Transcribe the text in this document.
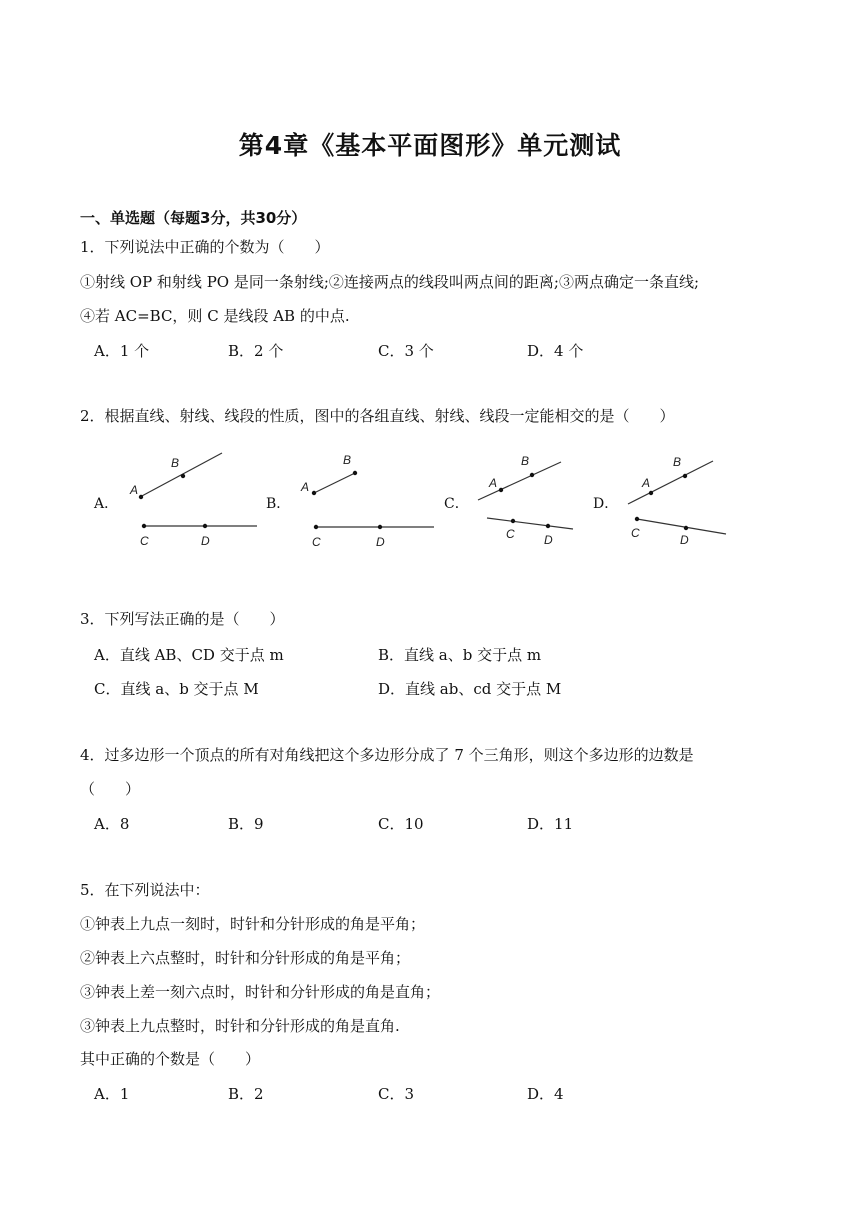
第4章《基本平面图形》单元测试
一、单选题（每题3分，共30分）
1．下列说法中正确的个数为（　　）
①射线 OP 和射线 PO 是同一条射线;②连接两点的线段叫两点间的距离;③两点确定一条直线;
④若 AC=BC，则 C 是线段 AB 的中点.
A．1 个	B．2 个	C．3 个	D．4 个
2．根据直线、射线、线段的性质，图中的各组直线、射线、线段一定能相交的是（　　）
A．	B．	C．	D．
A
B
C	D
A
B
C	D
A
B
C D
A
B
C	D
3．下列写法正确的是（　　）
A．直线 AB、CD 交于点 m	B．直线 a、b 交于点 m
C．直线 a、b 交于点 M	D．直线 ab、cd 交于点 M
4．过多边形一个顶点的所有对角线把这个多边形分成了 7 个三角形，则这个多边形的边数是
（　　）
A．8	B．9	C．10	D．11
5．在下列说法中：
①钟表上九点一刻时，时针和分针形成的角是平角；
②钟表上六点整时，时针和分针形成的角是平角；
③钟表上差一刻六点时，时针和分针形成的角是直角；
③钟表上九点整时，时针和分针形成的角是直角.
其中正确的个数是（　　）
A．1	B．2	C．3	D．4
